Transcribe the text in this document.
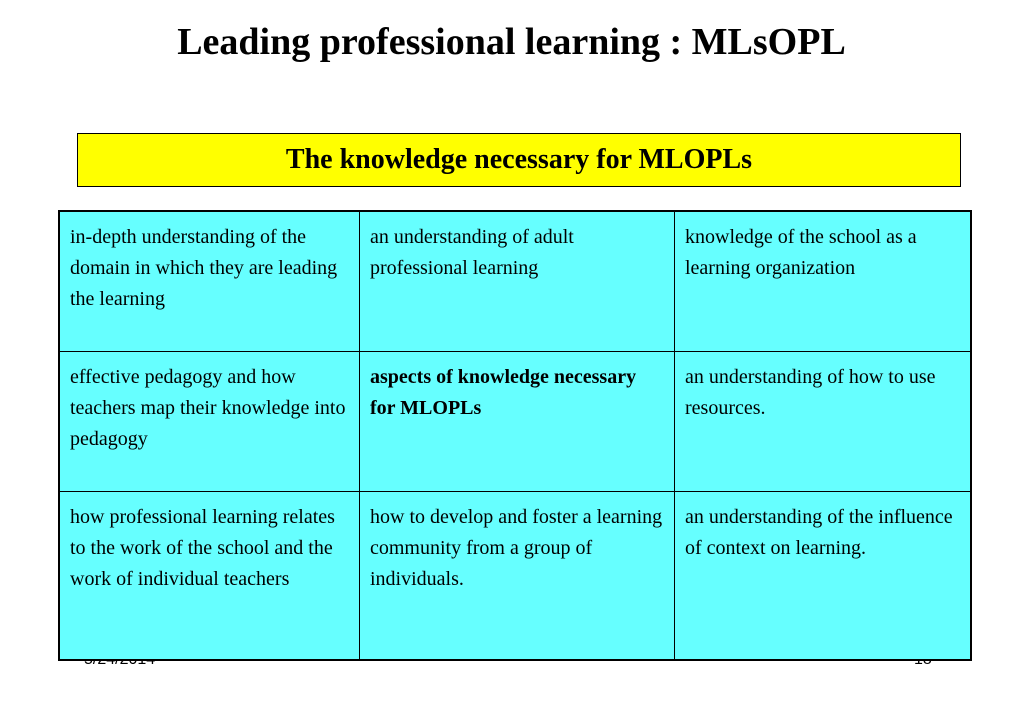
Leading professional learning : MLsOPL
The knowledge necessary for MLOPLs
in-depth understanding of the domain in which they are leading the learning
an understanding of adult professional learning
knowledge of the school as a learning organization
effective pedagogy and how teachers map their knowledge into pedagogy
aspects of knowledge necessary for MLOPLs
an understanding of how to use resources.
how professional learning relates to the work of the school and the work of individual teachers
how to develop and foster a learning community from a group of individuals.
an understanding of the influence of context on learning.
